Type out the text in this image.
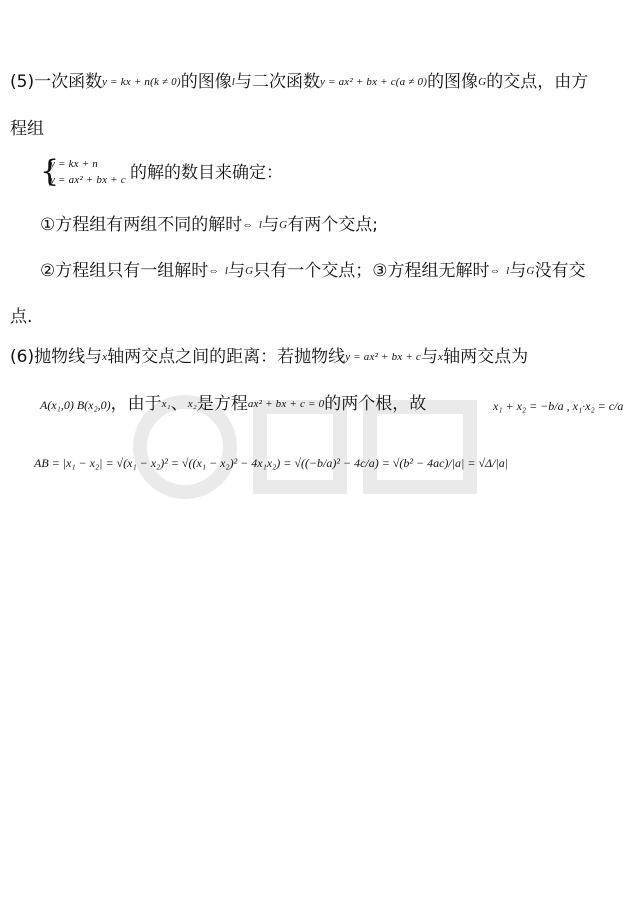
(5)一次函数y = kx + n(k ≠ 0)的图像l与二次函数y = ax² + bx + c(a ≠ 0)的图像G的交点，由方
程组
{
y = kx + n
y = ax² + bx + c 的解的数目来确定：
①方程组有两组不同的解时⇔ l与G有两个交点;
②方程组只有一组解时⇔ l与G只有一个交点；③方程组无解时⇔ l与G没有交
点.
(6)抛物线与x轴两交点之间的距离：若抛物线y = ax² + bx + c与x轴两交点为
A(x₁,0) B(x₂,0)，由于x₁、x₂是方程ax² + bx + c = 0的两个根，故	x₁ + x₂ = −b/a , x₁·x₂ = c/a
AB = |x₁ − x₂| = √(x₁ − x₂)² = √((x₁ − x₂)² − 4x₁x₂) = √((−b/a)² − 4c/a) = √(b² − 4ac)/|a| = √Δ/|a|
